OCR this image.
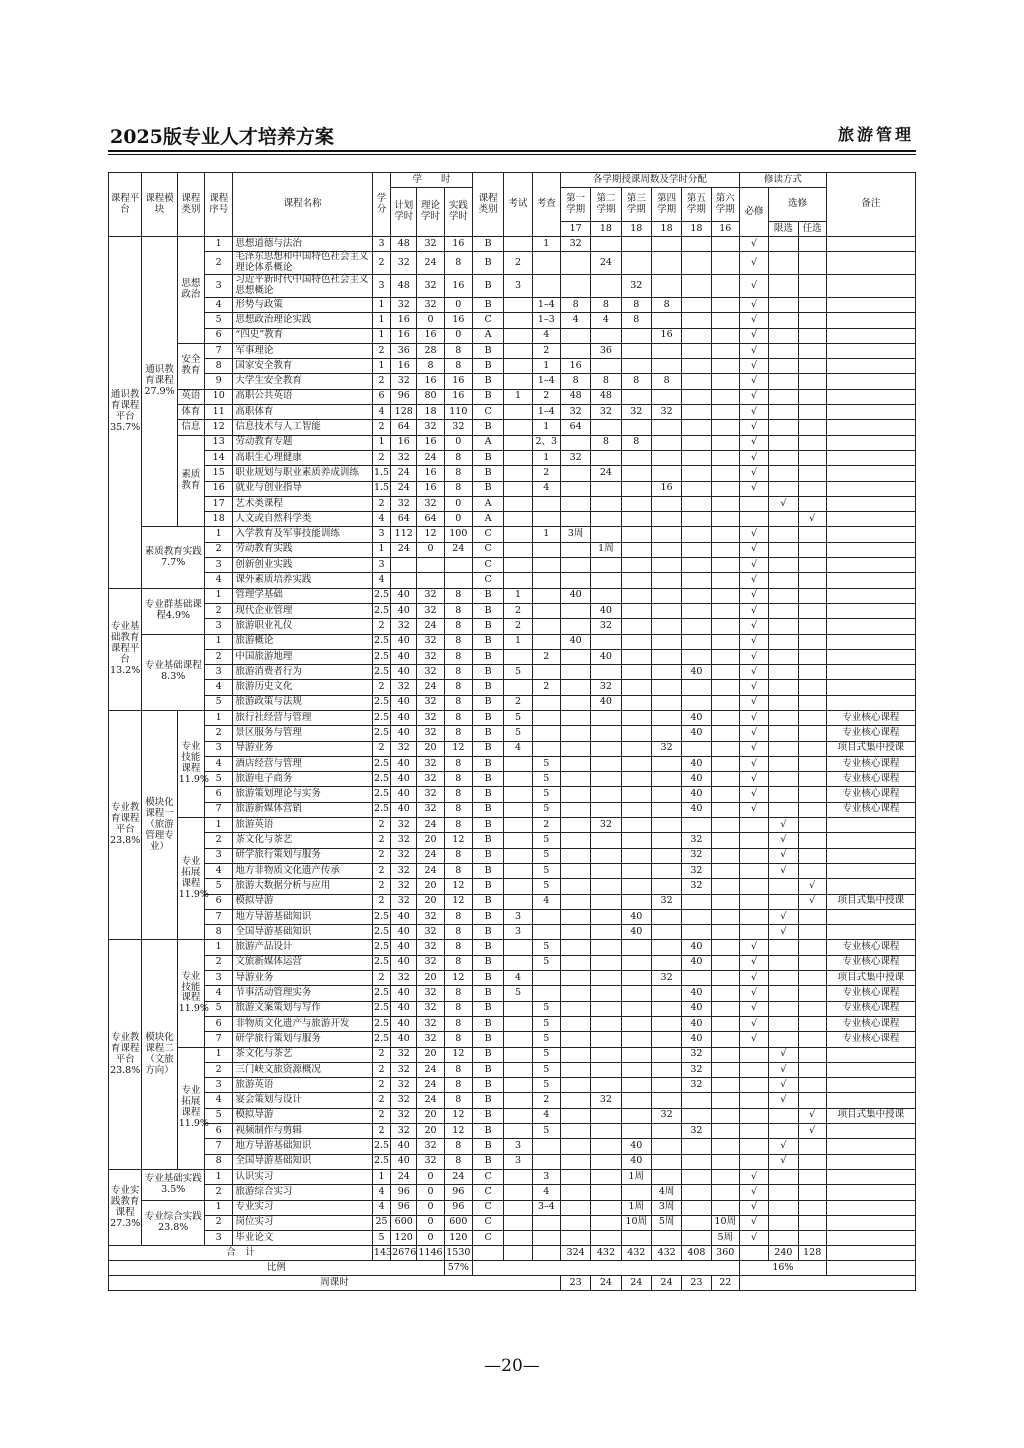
2025版专业人才培养方案	旅游管理
课程平台	课程模块	课程类别	课程序号	课程名称	学分	学　　时			课程类别	考试	考查	各学期授课周数及学时分配						修读方式			备注
						计划学时	理论学时	实践学时				第一学期	第二学期	第三学期	第四学期	第五学期	第六学期	必修	选修		
												17	18	18	18	18	16		限选	任选	
通识教育课程平台35.7%	通识教育课程27.9%	思想政治	1	思想道德与法治	3	48	32	16	B		1	32						√			
			2	毛泽东思想和中国特色社会主义理论体系概论	2	32	24	8	B	2			24					√			
			3	习近平新时代中国特色社会主义思想概论	3	48	32	16	B	3				32				√			
			4	形势与政策	1	32	32	0	B		1–4	8	8	8	8			√			
			5	思想政治理论实践	1	16	0	16	C		1–3	4	4	8				√			
			6	“四史”教育	1	16	16	0	A		4				16			√			
		安全教育	7	军事理论	2	36	28	8	B		2		36					√			
			8	国家安全教育	1	16	8	8	B		1	16						√			
			9	大学生安全教育	2	32	16	16	B		1–4	8	8	8	8			√			
		英语	10	高职公共英语	6	96	80	16	B	1	2	48	48					√			
		体育	11	高职体育	4	128	18	110	C		1–4	32	32	32	32			√			
		信息	12	信息技术与人工智能	2	64	32	32	B		1	64						√			
		素质教育	13	劳动教育专题	1	16	16	0	A		2、3		8	8				√			
			14	高职生心理健康	2	32	24	8	B		1	32						√			
			15	职业规划与职业素质养成训练	1.5	24	16	8	B		2		24					√			
			16	就业与创业指导	1.5	24	16	8	B		4				16			√			
			17	艺术类课程	2	32	32	0	A										√		
			18	人文或自然科学类	4	64	64	0	A											√	
	素质教育实践7.7%		1	入学教育及军事技能训练	3	112	12	100	C		1	3周						√			
			2	劳动教育实践	1	24	0	24	C				1周					√			
			3	创新创业实践	3				C									√			
			4	课外素质培养实践	4				C									√			
专业基础教育课程平台13.2%	专业群基础课程4.9%		1	管理学基础	2.5	40	32	8	B	1		40						√			
			2	现代企业管理	2.5	40	32	8	B	2			40					√			
			3	旅游职业礼仪	2	32	24	8	B	2			32					√			
	专业基础课程8.3%		1	旅游概论	2.5	40	32	8	B	1		40						√			
			2	中国旅游地理	2.5	40	32	8	B		2		40					√			
			3	旅游消费者行为	2.5	40	32	8	B	5						40		√			
			4	旅游历史文化	2	32	24	8	B		2		32					√			
			5	旅游政策与法规	2.5	40	32	8	B	2			40					√			
专业教育课程平台23.8%	模块化课程一（旅游管理专业）	专业技能课程11.9%	1	旅行社经营与管理	2.5	40	32	8	B	5						40		√			专业核心课程
			2	景区服务与管理	2.5	40	32	8	B	5						40		√			专业核心课程
			3	导游业务	2	32	20	12	B	4					32			√			项目式集中授课
			4	酒店经营与管理	2.5	40	32	8	B		5					40		√			专业核心课程
			5	旅游电子商务	2.5	40	32	8	B		5					40		√			专业核心课程
			6	旅游策划理论与实务	2.5	40	32	8	B		5					40		√			专业核心课程
			7	旅游新媒体营销	2.5	40	32	8	B		5					40		√			专业核心课程
		专业拓展课程11.9%	1	旅游英语	2	32	24	8	B		2		32						√		
			2	茶文化与茶艺	2	32	20	12	B		5					32			√		
			3	研学旅行策划与服务	2	32	24	8	B		5					32			√		
			4	地方非物质文化遗产传承	2	32	24	8	B		5					32			√		
			5	旅游大数据分析与应用	2	32	20	12	B		5					32				√	
			6	模拟导游	2	32	20	12	B		4				32					√	项目式集中授课
			7	地方导游基础知识	2.5	40	32	8	B	3				40					√		
			8	全国导游基础知识	2.5	40	32	8	B	3				40					√		
专业教育课程平台23.8%	模块化课程二（文旅方向）	专业技能课程11.9%	1	旅游产品设计	2.5	40	32	8	B		5					40		√			专业核心课程
			2	文旅新媒体运营	2.5	40	32	8	B		5					40		√			专业核心课程
			3	导游业务	2	32	20	12	B	4					32			√			项目式集中授课
			4	节事活动管理实务	2.5	40	32	8	B	5						40		√			专业核心课程
			5	旅游文案策划与写作	2.5	40	32	8	B		5					40		√			专业核心课程
			6	非物质文化遗产与旅游开发	2.5	40	32	8	B		5					40		√			专业核心课程
			7	研学旅行策划与服务	2.5	40	32	8	B		5					40		√			专业核心课程
		专业拓展课程11.9%	1	茶文化与茶艺	2	32	20	12	B		5					32			√		
			2	三门峡文旅资源概况	2	32	24	8	B		5					32			√		
			3	旅游英语	2	32	24	8	B		5					32			√		
			4	宴会策划与设计	2	32	24	8	B		2		32						√		
			5	模拟导游	2	32	20	12	B		4				32					√	项目式集中授课
			6	视频制作与剪辑	2	32	20	12	B		5					32				√	
			7	地方导游基础知识	2.5	40	32	8	B	3				40					√		
			8	全国导游基础知识	2.5	40	32	8	B	3				40					√		
专业实践教育课程27.3%	专业基础实践3.5%		1	认识实习	1	24	0	24	C		3			1周				√			
			2	旅游综合实习	4	96	0	96	C		4				4周			√			
	专业综合实践23.8%		1	专业实习	4	96	0	96	C		3–4			1周	3周			√			
			2	岗位实习	25	600	0	600	C					10周	5周		10周	√			
			3	毕业论文	5	120	0	120	C								5周	√			
合　计					143	2676	1146	1530				324	432	432	432	408	360		240	128	
比例								57%										16%			
周课时												23	24	24	24	23	22				
—20—
